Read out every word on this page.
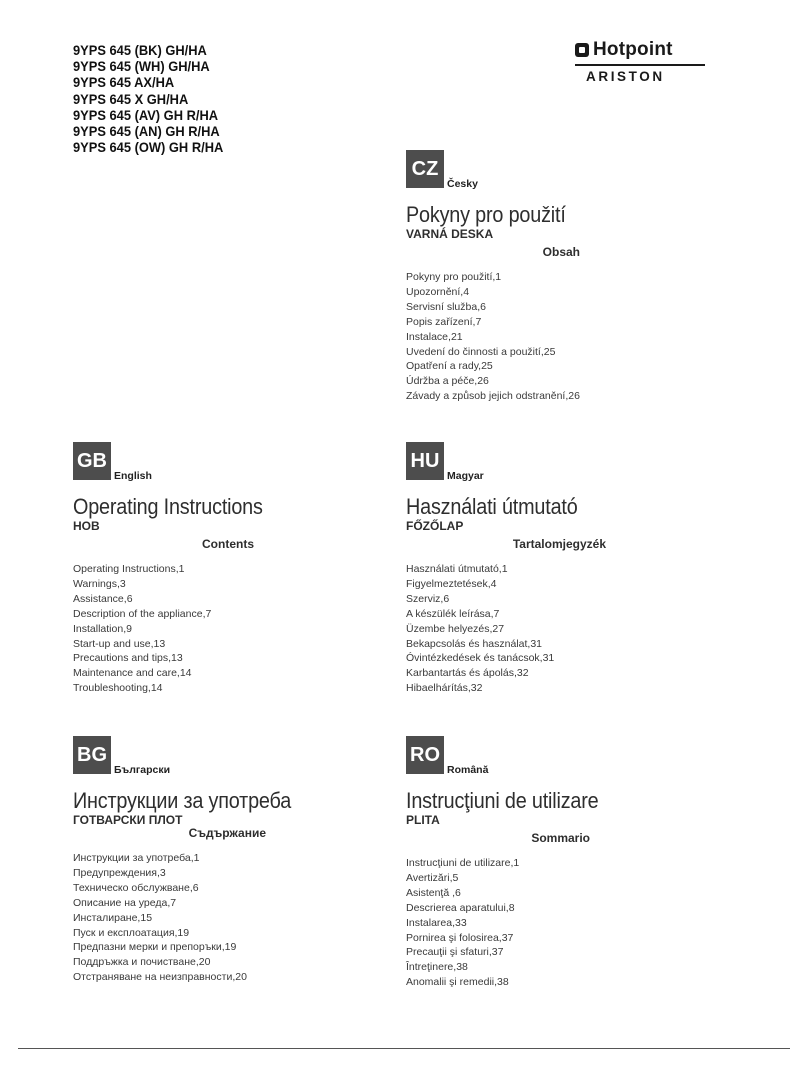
9YPS 645 (BK) GH/HA
9YPS 645 (WH) GH/HA
9YPS 645 AX/HA
9YPS 645 X GH/HA
9YPS 645 (AV) GH R/HA
9YPS 645 (AN) GH R/HA
9YPS 645 (OW) GH R/HA
Hotpoint
ARISTON
CZ
Česky
Pokyny pro použití
VARNÁ DESKA
Obsah
Pokyny pro použití,1
Upozornění,4
Servisní služba,6
Popis zařízení,7
Instalace,21
Uvedení do činnosti a použití,25
Opatření a rady,25
Údržba a péče,26
Závady a způsob jejich odstranění,26
GB
English
Operating Instructions
HOB
Contents
Operating Instructions,1
Warnings,3
Assistance,6
Description of the appliance,7
Installation,9
Start-up and use,13
Precautions and tips,13
Maintenance and care,14
Troubleshooting,14
HU
Magyar
Használati útmutató
FŐZŐLAP
Tartalomjegyzék
Használati útmutató,1
Figyelmeztetések,4
Szerviz,6
A készülék leírása,7
Üzembe helyezés,27
Bekapcsolás és használat,31
Óvintézkedések és tanácsok,31
Karbantartás és ápolás,32
Hibaelhárítás,32
BG
Български
Инструкции за употреба
ГОТВАРСКИ ПЛОТ
Съдържание
Инструкции за употреба,1
Предупреждения,3
Техническо обслужване,6
Описание на уреда,7
Инсталиране,15
Пуск и експлоатация,19
Предпазни мерки и препоръки,19
Поддръжка и почистване,20
Отстраняване на неизправности,20
RO
Română
Instrucţiuni de utilizare
PLITA
Sommario
Instrucţiuni de utilizare,1
Avertizări,5
Asistenţă ,6
Descrierea aparatului,8
Instalarea,33
Pornirea şi folosirea,37
Precauţii şi sfaturi,37
Întreţinere,38
Anomalii şi remedii,38
